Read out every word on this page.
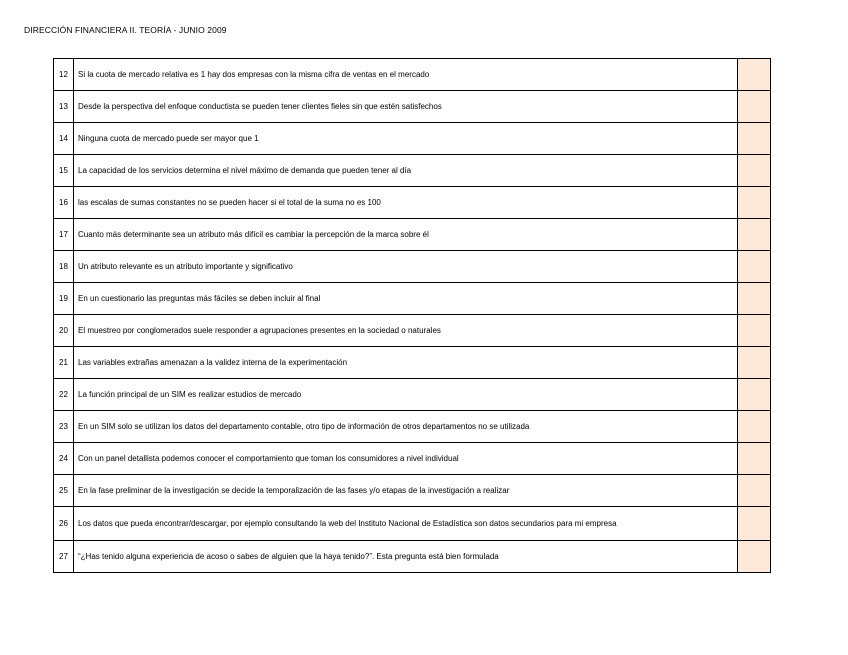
DIRECCIÓN FINANCIERA II. TEORÍA - JUNIO 2009
12	Si la cuota de mercado relativa es 1 hay dos empresas con la misma cifra de ventas en el mercado	
13	Desde la perspectiva del enfoque conductista se pueden tener clientes fieles sin que estén satisfechos	
14	Ninguna cuota de mercado puede ser mayor que 1	
15	La capacidad de los servicios determina el nivel máximo de demanda que pueden tener al día	
16	las escalas de sumas constantes no se pueden hacer si el total de la suma no es 100	
17	Cuanto más determinante sea un atributo más difícil es cambiar la percepción de la marca sobre él	
18	Un atributo relevante es un atributo importante y significativo	
19	En un cuestionario las preguntas más fáciles se deben incluir al final	
20	El muestreo por conglomerados suele responder a agrupaciones presentes en la sociedad o naturales	
21	Las variables extrañas amenazan a la validez interna de la experimentación	
22	La función principal de un SIM es realizar estudios de mercado	
23	En un SIM solo se utilizan los datos del departamento contable, otro tipo de información de otros departamentos no se utilizada	
24	Con un panel detallista podemos conocer el comportamiento que toman los consumidores a nivel individual	
25	En la fase preliminar de la investigación se decide la temporalización de las fases y/o etapas de la investigación a realizar	
26	Los datos que pueda encontrar/descargar, por ejemplo consultando la web del Instituto Nacional de Estadística son datos secundarios para mi empresa	
27	“¿Has tenido alguna experiencia de acoso o sabes de alguien que la haya tenido?”. Esta pregunta está bien formulada	
